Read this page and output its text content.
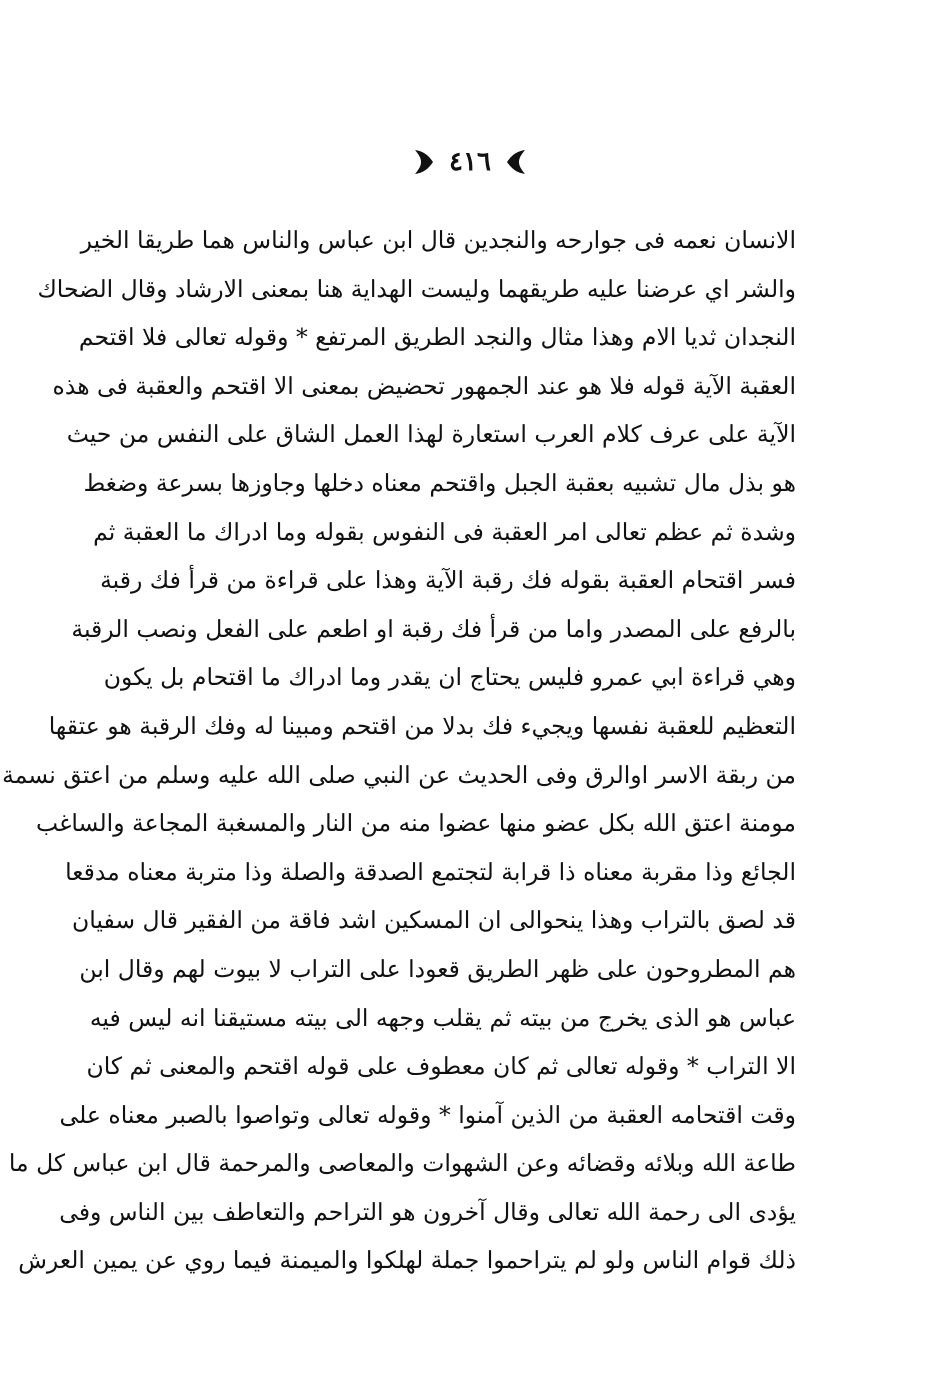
٤١٦
الانسان نعمه فى جوارحه والنجدين قال ابن عباس والناس هما طريقا الخير
والشر اي عرضنا عليه طريقهما وليست الهداية هنا بمعنى الارشاد وقال الضحاك
النجدان ثديا الام وهذا مثال والنجد الطريق المرتفع * وقوله تعالى فلا اقتحم
العقبة الآية قوله فلا هو عند الجمهور تحضيض بمعنى الا اقتحم والعقبة فى هذه
الآية على عرف كلام العرب استعارة لهذا العمل الشاق على النفس من حيث
هو بذل مال تشبيه بعقبة الجبل واقتحم معناه دخلها وجاوزها بسرعة وضغط
وشدة ثم عظم تعالى امر العقبة فى النفوس بقوله وما ادراك ما العقبة ثم
فسر اقتحام العقبة بقوله فك رقبة الآية وهذا على قراءة من قرأ فك رقبة
بالرفع على المصدر واما من قرأ فك رقبة او اطعم على الفعل ونصب الرقبة
وهي قراءة ابي عمرو فليس يحتاج ان يقدر وما ادراك ما اقتحام بل يكون
التعظيم للعقبة نفسها ويجيء فك بدلا من اقتحم ومبينا له وفك الرقبة هو عتقها
من ربقة الاسر اوالرق وفى الحديث عن النبي صلى الله عليه وسلم من اعتق نسمة
مومنة اعتق الله بكل عضو منها عضوا منه من النار والمسغبة المجاعة والساغب
الجائع وذا مقربة معناه ذا قرابة لتجتمع الصدقة والصلة وذا متربة معناه مدقعا
قد لصق بالتراب وهذا ينحوالى ان المسكين اشد فاقة من الفقير قال سفيان
هم المطروحون على ظهر الطريق قعودا على التراب لا بيوت لهم وقال ابن
عباس هو الذى يخرج من بيته ثم يقلب وجهه الى بيته مستيقنا انه ليس فيه
الا التراب * وقوله تعالى ثم كان معطوف على قوله اقتحم والمعنى ثم كان
وقت اقتحامه العقبة من الذين آمنوا * وقوله تعالى وتواصوا بالصبر معناه على
طاعة الله وبلائه وقضائه وعن الشهوات والمعاصى والمرحمة قال ابن عباس كل ما
يؤدى الى رحمة الله تعالى وقال آخرون هو التراحم والتعاطف بين الناس وفى
ذلك قوام الناس ولو لم يتراحموا جملة لهلكوا والميمنة فيما روي عن يمين العرش
